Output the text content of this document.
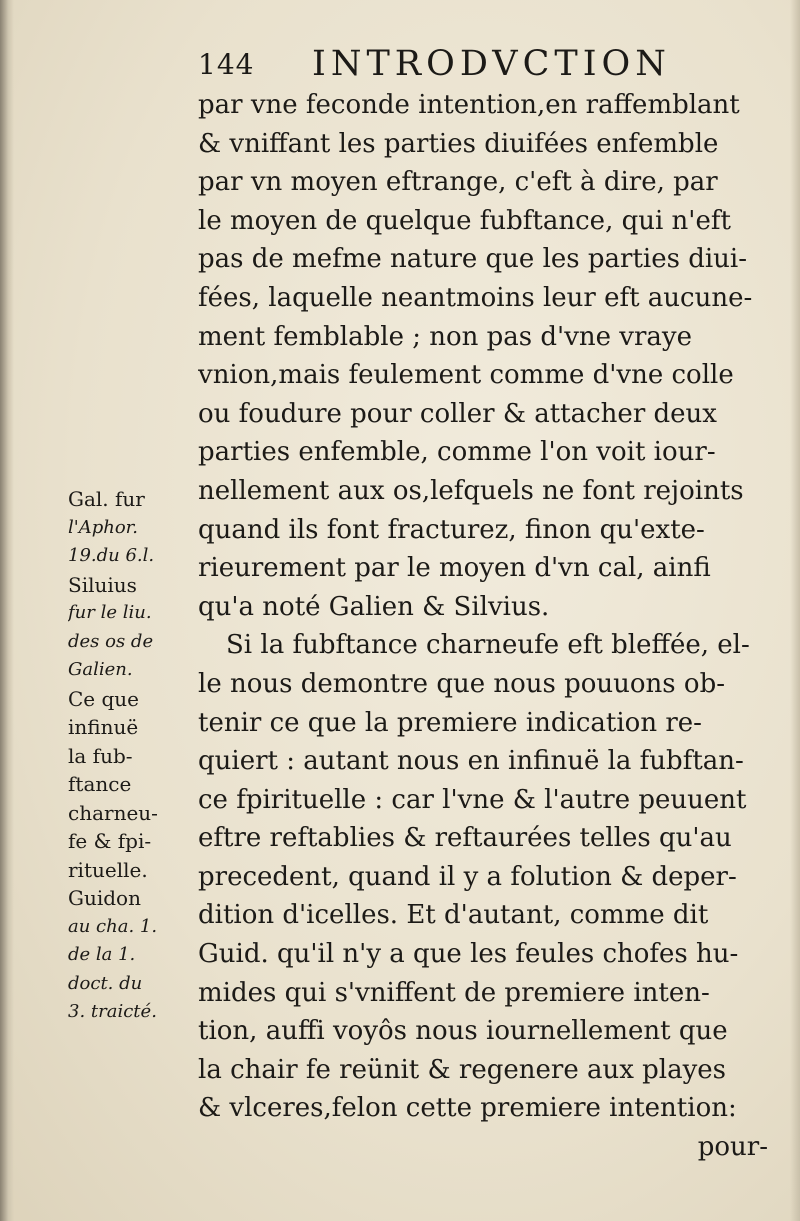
144 INTRODVCTION
par vne feconde intention,en raffemblant
& vniffant les parties diuifées enfemble
par vn moyen eftrange, c'eft à dire, par
le moyen de quelque fubftance, qui n'eft
pas de mefme nature que les parties diui-
fées, laquelle neantmoins leur eft aucune-
ment femblable ; non pas d'vne vraye
vnion,mais feulement comme d'vne colle
ou foudure pour coller & attacher deux
parties enfemble, comme l'on voit iour-
nellement aux os,lefquels ne font rejoints
quand ils font fracturez, finon qu'exte-
rieurement par le moyen d'vn cal, ainfi
qu'a noté Galien & Silvius.
Si la fubftance charneufe eft bleffée, el-
le nous demontre que nous pouuons ob-
tenir ce que la premiere indication re-
quiert : autant nous en infinuë la fubftan-
ce fpirituelle : car l'vne & l'autre peuuent
eftre reftablies & reftaurées telles qu'au
precedent, quand il y a folution & deper-
dition d'icelles. Et d'autant, comme dit
Guid. qu'il n'y a que les feules chofes hu-
mides qui s'vniffent de premiere inten-
tion, auffi voyôs nous iournellement que
la chair fe reünit & regenere aux playes
& vlceres,felon cette premiere intention:
pour-
Gal. fur
l'Aphor.
19.du 6.l.
Siluius
fur le liu.
des os de
Galien.
Ce que
infinuë
la fub-
ftance
charneu-
fe & fpi-
rituelle.
Guidon
au cha. 1.
de la 1.
doct. du
3. traicté.
